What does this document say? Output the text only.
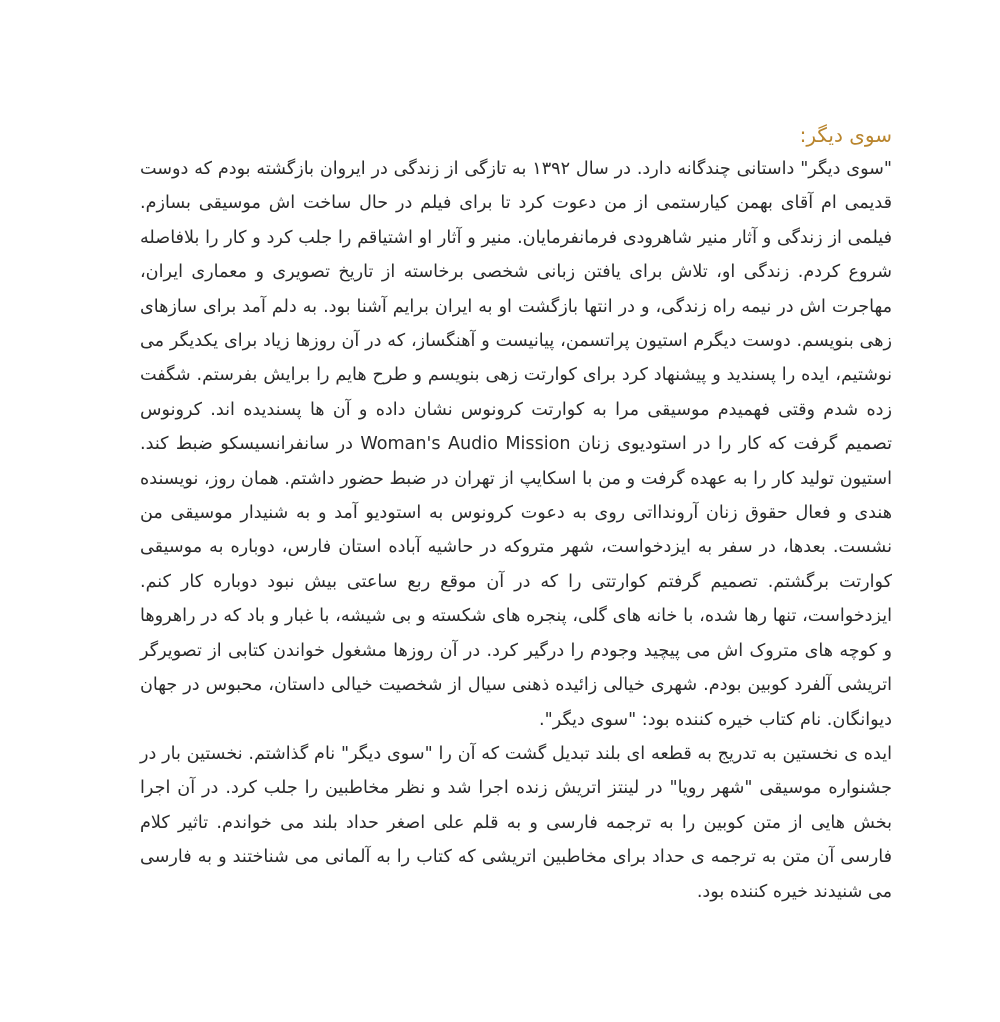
سوی دیگر:

"سوی دیگر" داستانی چندگانه دارد. در سال ۱۳۹۲ به تازگی از زندگی در ایروان بازگشته بودم که دوست قدیمی ام آقای بهمن کیارستمی از من دعوت کرد تا برای فیلم در حال ساخت اش موسیقی بسازم. فیلمی از زندگی و آثار منیر شاهرودی فرمانفرمایان. منیر و آثار او اشتیاقم را جلب کرد و کار را بلافاصله شروع کردم. زندگی او، تلاش برای یافتن زبانی شخصی برخاسته از تاریخ تصویری و معماری ایران، مهاجرت اش در نیمه راه زندگی، و در انتها بازگشت او به ایران برایم آشنا بود. به دلم آمد برای سازهای زهی بنویسم. دوست دیگرم استیون پراتسمن، پیانیست و آهنگساز، که در آن روزها زیاد برای یکدیگر می نوشتیم، ایده را پسندید و پیشنهاد کرد برای کوارتت زهی بنویسم و طرح هایم را برایش بفرستم. شگفت زده شدم وقتی فهمیدم موسیقی مرا به کوارتت کرونوس نشان داده و آن ها پسندیده اند. کرونوس تصمیم گرفت که کار را در استودیوی زنان Woman's Audio Mission در سانفرانسیسکو ضبط کند. استیون تولید کار را به عهده گرفت و من با اسکایپ از تهران در ضبط حضور داشتم. همان روز، نویسنده هندی و فعال حقوق زنان آروندااتی روی به دعوت کرونوس به استودیو آمد و به شنیدار موسیقی من نشست. بعدها، در سفر به ایزدخواست، شهر متروکه در حاشیه آباده استان فارس، دوباره به موسیقی کوارتت برگشتم. تصمیم گرفتم کوارتتی را که در آن موقع ربع ساعتی بیش نبود دوباره کار کنم. ایزدخواست، تنها رها شده، با خانه های گلی، پنجره های شکسته و بی شیشه، با غبار و باد که در راهروها و کوچه های متروک اش می پیچید وجودم را درگیر کرد. در آن روزها مشغول خواندن کتابی از تصویرگر اتریشی آلفرد کوبین بودم. شهری خیالی زائیده ذهنی سیال از شخصیت خیالی داستان، محبوس در جهان دیوانگان. نام کتاب خیره کننده بود: "سوی دیگر".

ایده ی نخستین به تدریج به قطعه ای بلند تبدیل گشت که آن را "سوی دیگر" نام گذاشتم. نخستین بار در جشنواره موسیقی "شهر رویا" در لینتز اتریش زنده اجرا شد و نظر مخاطبین را جلب کرد. در آن اجرا بخش هایی از متن کوبین را به ترجمه فارسی و به قلم علی اصغر حداد بلند می خواندم. تاثیر کلام فارسی آن متن به ترجمه ی حداد برای مخاطبین اتریشی که کتاب را به آلمانی می شناختند و به فارسی می شنیدند خیره کننده بود.
